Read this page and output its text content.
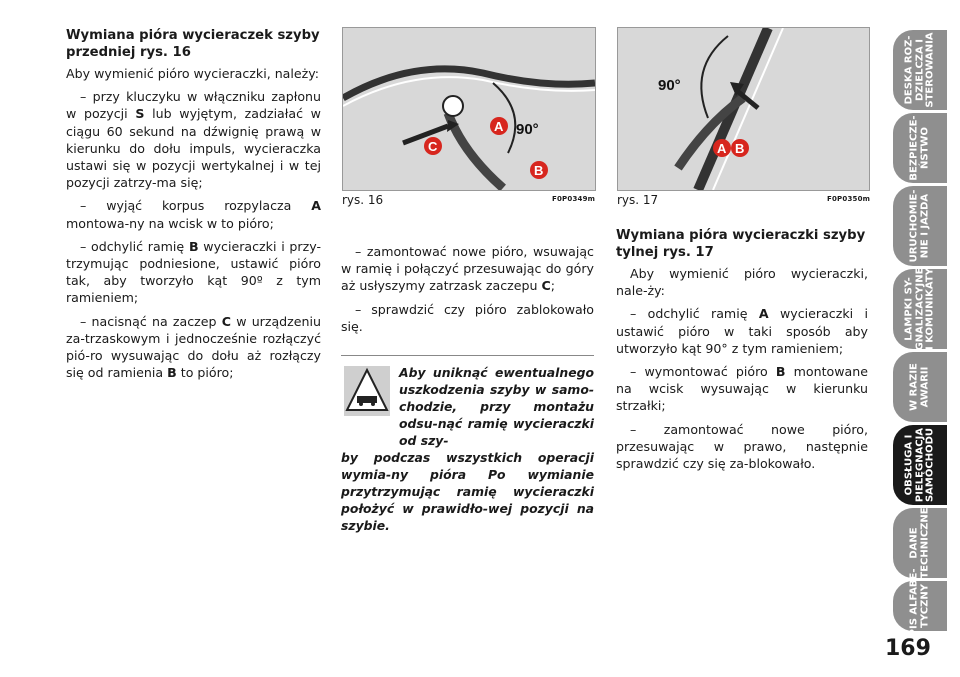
Wymiana pióra wycieraczek szyby przedniej rys. 16

Aby wymienić pióro wycieraczki, należy:

– przy kluczyku w włączniku zapłonu w pozycji S lub wyjętym, zadziałać w ciągu 60 sekund na dźwignię prawą w kierunku do dołu impuls, wycieraczka ustawi się w pozycji wertykalnej i w tej pozycji zatrzy-ma się;

– wyjąć korpus rozpylacza A montowa-ny na wcisk w to pióro;

– odchylić ramię B wycieraczki i przy-trzymując podniesione, ustawić pióro tak, aby tworzyło kąt 90º z tym ramieniem;

– nacisnąć na zaczep C w urządzeniu za-trzaskowym i jednocześnie rozłączyć pió-ro wysuwając do dołu aż rozłączy się od ramienia B to pióro;

90°
C
A
B
rys. 16	F0P0349m
90°
A B
rys. 17	F0P0350m

– zamontować nowe pióro, wsuwając w ramię i połączyć przesuwając do góry aż usłyszymy zatrzask zaczepu C;

– sprawdzić czy pióro zablokowało się.

Aby uniknąć ewentualnego uszkodzenia szyby w samo-chodzie, przy montażu odsu-nąć ramię wycieraczki od szy-
by podczas wszystkich operacji wymia-ny pióra Po wymianie przytrzymując ramię wycieraczki położyć w prawidło-wej pozycji na szybie.
Wymiana pióra wycieraczki szyby tylnej rys. 17

Aby wymienić pióro wycieraczki, nale-ży:

– odchylić ramię A wycieraczki i ustawić pióro w taki sposób aby utworzyło kąt 90° z tym ramieniem;

– wymontować pióro B montowane na wcisk wysuwając w kierunku strzałki;

– zamontować nowe pióro, przesuwając w prawo, następnie sprawdzić czy się za-blokowało.

DESKA ROZ-
DZIELCZA I
STEROWANIA
BEZPIECZE-
ŃSTWO
URUCHOMIE-
NIE I JAZDA
LAMPKI SY-
GNALIZACYJNE
I KOMUNIKATY
W RAZIE
AWARII
OBSŁUGA I
PIELĘGNACJA
SAMOCHODU
DANE
TECHNICZNE
SPIS ALFABE-
TYCZNY
169
